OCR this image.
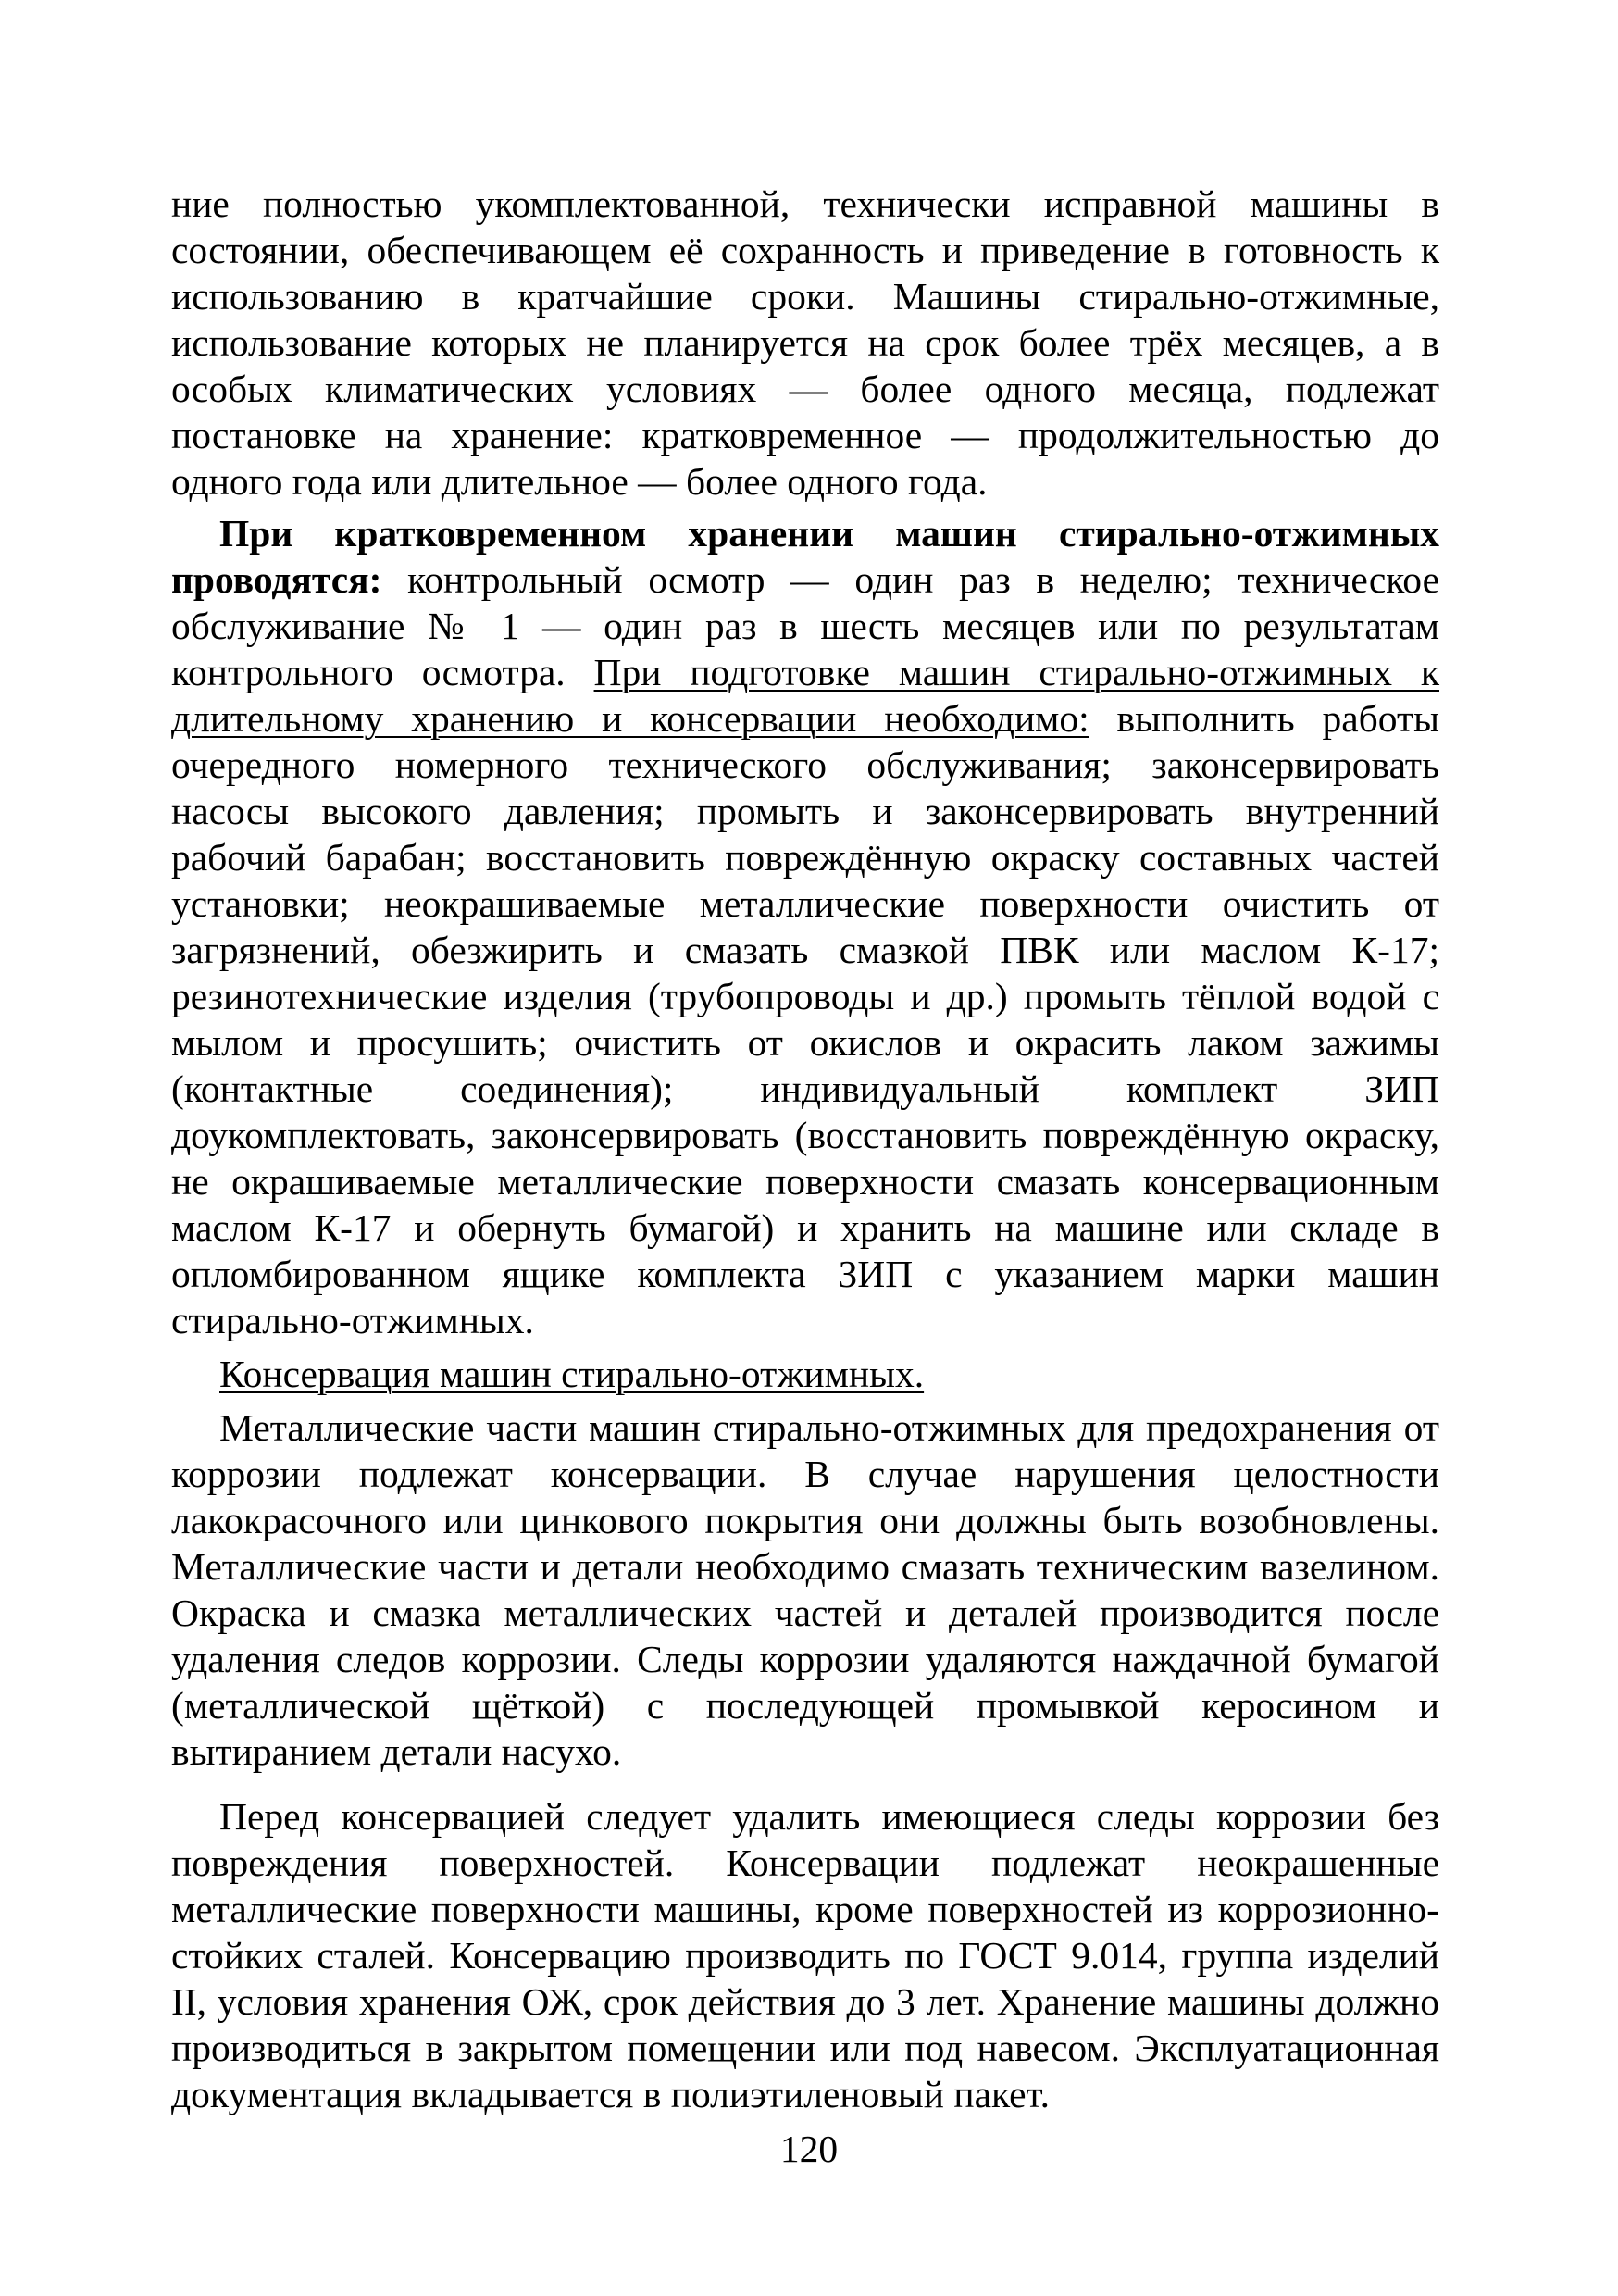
ние полностью укомплектованной, технически исправной машины в состоянии, обеспечивающем её сохранность и приведение в готовность к использованию в кратчайшие сроки. Машины стирально-отжимные, использование которых не планируется на срок более трёх месяцев, а в особых климатических условиях — более одного месяца, подлежат постановке на хранение: кратковременное — продолжительностью до одного года или длительное — более одного года.

При кратковременном хранении машин стирально-отжимных проводятся: контрольный осмотр — один раз в неделю; техническое обслуживание № 1 — один раз в шесть месяцев или по результатам контрольного осмотра. При подготовке машин стирально-отжимных к длительному хранению и консервации необходимо: выполнить работы очередного номерного технического обслуживания; законсервировать насосы высокого давления; промыть и законсервировать внутренний рабочий барабан; восстановить повреждённую окраску составных частей установки; неокрашиваемые металлические поверхности очистить от загрязнений, обезжирить и смазать смазкой ПВК или маслом К-17; резинотехнические изделия (трубопроводы и др.) промыть тёплой водой с мылом и просушить; очистить от окислов и окрасить лаком зажимы (контактные соединения); индивидуальный комплект ЗИП доукомплектовать, законсервировать (восстановить повреждённую окраску, не окрашиваемые металлические поверхности смазать консервационным маслом К-17 и обернуть бумагой) и хранить на машине или складе в опломбированном ящике комплекта ЗИП с указанием марки машин стирально-отжимных.

Консервация машин стирально-отжимных.

Металлические части машин стирально-отжимных для предохранения от коррозии подлежат консервации. В случае нарушения целостности лакокрасочного или цинкового покрытия они должны быть возобновлены. Металлические части и детали необходимо смазать техническим вазелином. Окраска и смазка металлических частей и деталей производится после удаления следов коррозии. Следы коррозии удаляются наждачной бумагой (металлической щёткой) с последующей промывкой керосином и вытиранием детали насухо.

Перед консервацией следует удалить имеющиеся следы коррозии без повреждения поверхностей. Консервации подлежат неокрашенные металлические поверхности машины, кроме поверхностей из коррозионно-стойких сталей. Консервацию производить по ГОСТ 9.014, группа изделий II, условия хранения ОЖ, срок действия до 3 лет. Хранение машины должно производиться в закрытом помещении или под навесом. Эксплуатационная документация вкладывается в полиэтиленовый пакет.

120
